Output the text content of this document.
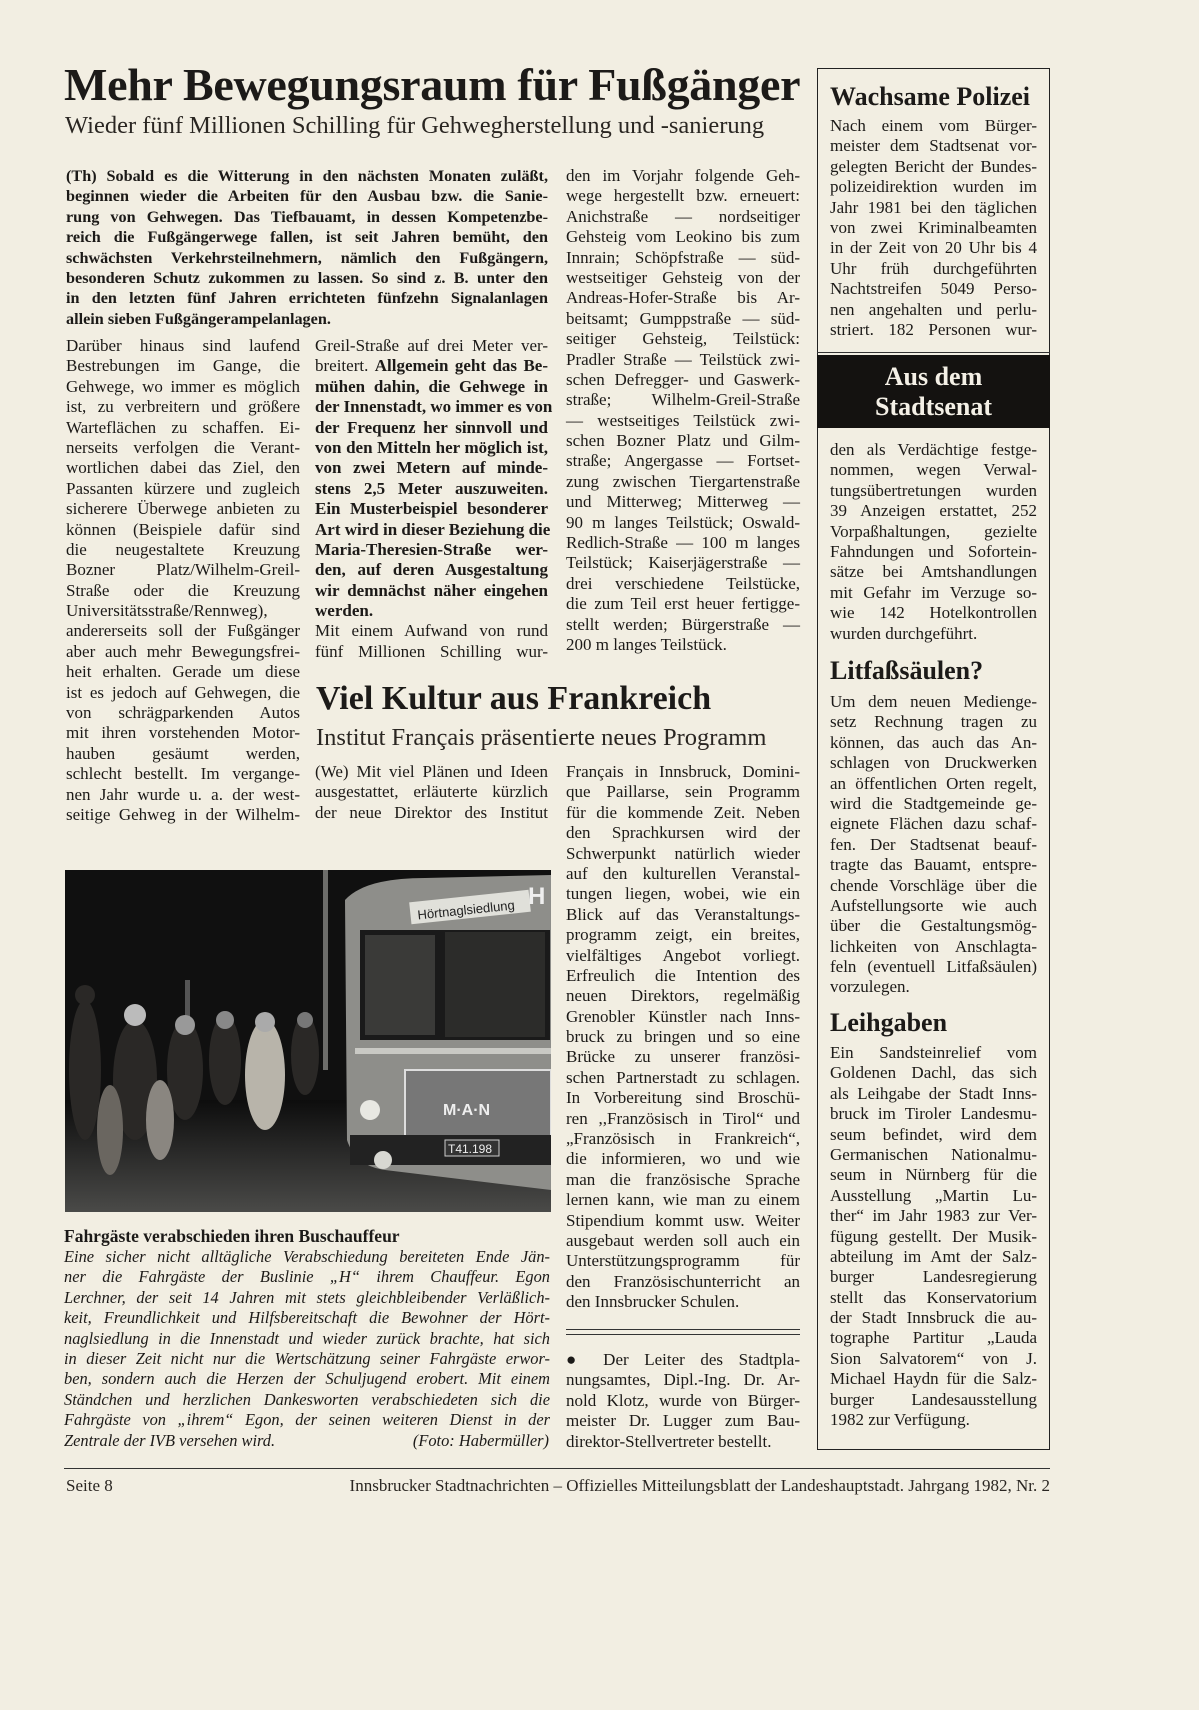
Mehr Bewegungsraum für Fußgänger
Wieder fünf Millionen Schilling für Gehwegherstellung und -sanierung
(Th) Sobald es die Witterung in den nächsten Monaten zuläßt,
beginnen wieder die Arbeiten für den Ausbau bzw. die Sanie-
rung von Gehwegen. Das Tiefbauamt, in dessen Kompetenzbe-
reich die Fußgängerwege fallen, ist seit Jahren bemüht, den
schwächsten Verkehrsteilnehmern, nämlich den Fußgängern,
besonderen Schutz zukommen zu lassen. So sind z. B. unter den
in den letzten fünf Jahren errichteten fünfzehn Signalanlagen
allein sieben Fußgängerampelanlagen.
Darüber hinaus sind laufend
Bestrebungen im Gange, die
Gehwege, wo immer es möglich
ist, zu verbreitern und größere
Warteflächen zu schaffen. Ei-
nerseits verfolgen die Verant-
wortlichen dabei das Ziel, den
Passanten kürzere und zugleich
sicherere Überwege anbieten zu
können (Beispiele dafür sind
die neugestaltete Kreuzung
Bozner Platz/Wilhelm-Greil-
Straße oder die Kreuzung
Universitätsstraße/Rennweg),
andererseits soll der Fußgänger
aber auch mehr Bewegungsfrei-
heit erhalten. Gerade um diese
ist es jedoch auf Gehwegen, die
von schrägparkenden Autos
mit ihren vorstehenden Motor-
hauben gesäumt werden,
schlecht bestellt. Im vergange-
nen Jahr wurde u. a. der west-
seitige Gehweg in der Wilhelm-
Greil-Straße auf drei Meter ver-
breitert. Allgemein geht das Be-
mühen dahin, die Gehwege in
der Innenstadt, wo immer es von
der Frequenz her sinnvoll und
von den Mitteln her möglich ist,
von zwei Metern auf minde-
stens 2,5 Meter auszuweiten.
Ein Musterbeispiel besonderer
Art wird in dieser Beziehung die
Maria-Theresien-Straße wer-
den, auf deren Ausgestaltung
wir demnächst näher eingehen
werden.
Mit einem Aufwand von rund
fünf Millionen Schilling wur-
den im Vorjahr folgende Geh-
wege hergestellt bzw. erneuert:
Anichstraße — nordseitiger
Gehsteig vom Leokino bis zum
Innrain; Schöpfstraße — süd-
westseitiger Gehsteig von der
Andreas-Hofer-Straße bis Ar-
beitsamt; Gumppstraße — süd-
seitiger Gehsteig, Teilstück:
Pradler Straße — Teilstück zwi-
schen Defregger- und Gaswerk-
straße; Wilhelm-Greil-Straße
— westseitiges Teilstück zwi-
schen Bozner Platz und Gilm-
straße; Angergasse — Fortset-
zung zwischen Tiergartenstraße
und Mitterweg; Mitterweg —
90 m langes Teilstück; Oswald-
Redlich-Straße — 100 m langes
Teilstück; Kaiserjägerstraße —
drei verschiedene Teilstücke,
die zum Teil erst heuer fertigge-
stellt werden; Bürgerstraße —
200 m langes Teilstück.
Viel Kultur aus Frankreich
Institut Français präsentierte neues Programm
(We) Mit viel Plänen und Ideen
ausgestattet, erläuterte kürzlich
der neue Direktor des Institut
Français in Innsbruck, Domini-
que Paillarse, sein Programm
für die kommende Zeit. Neben
den Sprachkursen wird der
Schwerpunkt natürlich wieder
auf den kulturellen Veranstal-
tungen liegen, wobei, wie ein
Blick auf das Veranstaltungs-
programm zeigt, ein breites,
vielfältiges Angebot vorliegt.
Erfreulich die Intention des
neuen Direktors, regelmäßig
Grenobler Künstler nach Inns-
bruck zu bringen und so eine
Brücke zu unserer französi-
schen Partnerstadt zu schlagen.
In Vorbereitung sind Broschü-
ren ,,Französisch in Tirol“ und
„Französisch in Frankreich“,
die informieren, wo und wie
man die französische Sprache
lernen kann, wie man zu einem
Stipendium kommt usw. Weiter
ausgebaut werden soll auch ein
Unterstützungsprogramm für
den Französischunterricht an
den Innsbrucker Schulen.
● Der Leiter des Stadtpla-
nungsamtes, Dipl.-Ing. Dr. Ar-
nold Klotz, wurde von Bürger-
meister Dr. Lugger zum Bau-
direktor-Stellvertreter bestellt.
Hörtnaglsiedlung H
M·A·N
T41.198
Fahrgäste verabschieden ihren Buschauffeur
Eine sicher nicht alltägliche Verabschiedung bereiteten Ende Jän-
ner die Fahrgäste der Buslinie „H“ ihrem Chauffeur. Egon
Lerchner, der seit 14 Jahren mit stets gleichbleibender Verläßlich-
keit, Freundlichkeit und Hilfsbereitschaft die Bewohner der Hört-
naglsiedlung in die Innenstadt und wieder zurück brachte, hat sich
in dieser Zeit nicht nur die Wertschätzung seiner Fahrgäste erwor-
ben, sondern auch die Herzen der Schuljugend erobert. Mit einem
Ständchen und herzlichen Dankesworten verabschiedeten sich die
Fahrgäste von „ihrem“ Egon, der seinen weiteren Dienst in der
Zentrale der IVB versehen wird.	(Foto: Habermüller)
Wachsame Polizei
Nach einem vom Bürger-
meister dem Stadtsenat vor-
gelegten Bericht der Bundes-
polizeidirektion wurden im
Jahr 1981 bei den täglichen
von zwei Kriminalbeamten
in der Zeit von 20 Uhr bis 4
Uhr früh durchgeführten
Nachtstreifen 5049 Perso-
nen angehalten und perlu-
striert. 182 Personen wur-
Aus dem
Stadtsenat
den als Verdächtige festge-
nommen, wegen Verwal-
tungsübertretungen wurden
39 Anzeigen erstattet, 252
Vorpaßhaltungen, gezielte
Fahndungen und Sofortein-
sätze bei Amtshandlungen
mit Gefahr im Verzuge so-
wie 142 Hotelkontrollen
wurden durchgeführt.
Litfaßsäulen?
Um dem neuen Medienge-
setz Rechnung tragen zu
können, das auch das An-
schlagen von Druckwerken
an öffentlichen Orten regelt,
wird die Stadtgemeinde ge-
eignete Flächen dazu schaf-
fen. Der Stadtsenat beauf-
tragte das Bauamt, entspre-
chende Vorschläge über die
Aufstellungsorte wie auch
über die Gestaltungsmög-
lichkeiten von Anschlagta-
feln (eventuell Litfaßsäulen)
vorzulegen.
Leihgaben
Ein Sandsteinrelief vom
Goldenen Dachl, das sich
als Leihgabe der Stadt Inns-
bruck im Tiroler Landesmu-
seum befindet, wird dem
Germanischen Nationalmu-
seum in Nürnberg für die
Ausstellung „Martin Lu-
ther“ im Jahr 1983 zur Ver-
fügung gestellt. Der Musik-
abteilung im Amt der Salz-
burger Landesregierung
stellt das Konservatorium
der Stadt Innsbruck die au-
tographe Partitur „Lauda
Sion Salvatorem“ von J.
Michael Haydn für die Salz-
burger Landesausstellung
1982 zur Verfügung.
Seite 8	Innsbrucker Stadtnachrichten – Offizielles Mitteilungsblatt der Landeshauptstadt. Jahrgang 1982, Nr. 2
